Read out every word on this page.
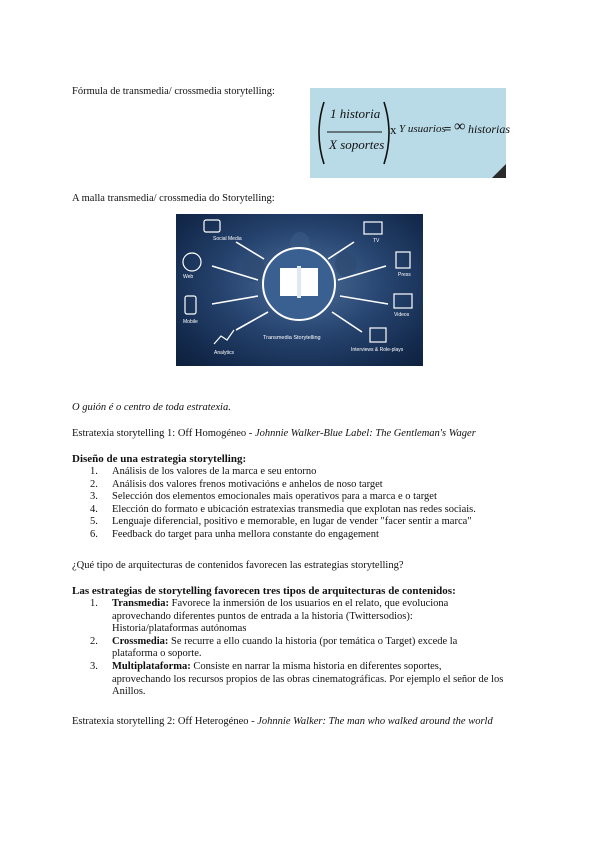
Fórmula de transmedia/ crossmedia storytelling:
1 historia
X soportes
x Y usuarios
= ∞ historias
A malla transmedia/ crossmedia do Storytelling:
Transmedia Storytelling
Social Media	TV
Web	Press
Mobile
Videos
Analytics	Interviews & Role-plays
O guión é o centro de toda estratexia.
Estratexia storytelling 1: Off Homogéneo - Johnnie Walker-Blue Label: The Gentleman's Wager
Diseño de una estrategia storytelling:
1. Análisis de los valores de la marca e seu entorno
2. Análisis dos valores frenos motivacións e anhelos de noso target
3. Selección dos elementos emocionales mais operativos para a marca e o target
4. Elección do formato e ubicación estratexias transmedia que explotan nas redes sociais.
5. Lenguaje diferencial, positivo e memorable, en lugar de vender "facer sentir a marca"
6. Feedback do target para unha mellora constante do engagement
¿Qué tipo de arquitecturas de contenidos favorecen las estrategias storytelling?
Las estrategias de storytelling favorecen tres tipos de arquitecturas de contenidos:
1. Transmedia: Favorece la inmersión de los usuarios en el relato, que evoluciona
aprovechando diferentes puntos de entrada a la historia (Twittersodios):
Historia/plataformas autónomas
2. Crossmedia: Se recurre a ello cuando la historia (por temática o Target) excede la
plataforma o soporte.
3. Multiplataforma: Consiste en narrar la misma historia en diferentes soportes,
aprovechando los recursos propios de las obras cinematográficas. Por ejemplo el señor de los
Anillos.
Estratexia storytelling 2: Off Heterogéneo - Johnnie Walker: The man who walked around the world
